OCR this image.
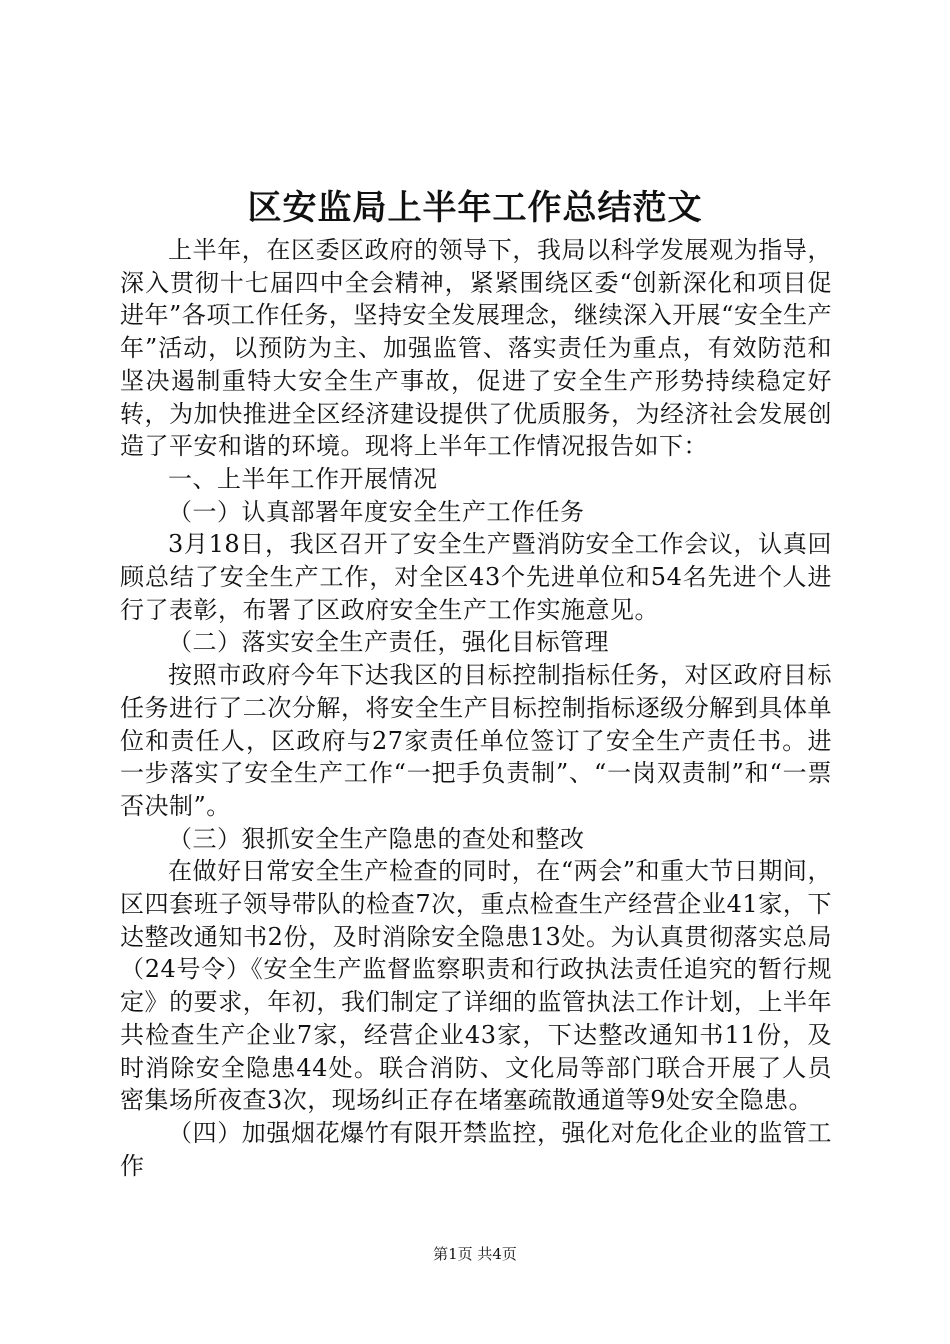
区安监局上半年工作总结范文

上半年，在区委区政府的领导下，我局以科学发展观为指导，深入贯彻十七届四中全会精神，紧紧围绕区委“创新深化和项目促进年”各项工作任务，坚持安全发展理念，继续深入开展“安全生产年”活动，以预防为主、加强监管、落实责任为重点，有效防范和坚决遏制重特大安全生产事故，促进了安全生产形势持续稳定好转，为加快推进全区经济建设提供了优质服务，为经济社会发展创造了平安和谐的环境。现将上半年工作情况报告如下：

一、上半年工作开展情况

（一）认真部署年度安全生产工作任务

3月18日，我区召开了安全生产暨消防安全工作会议，认真回顾总结了安全生产工作，对全区43个先进单位和54名先进个人进行了表彰，布署了区政府安全生产工作实施意见。

（二）落实安全生产责任，强化目标管理

按照市政府今年下达我区的目标控制指标任务，对区政府目标任务进行了二次分解，将安全生产目标控制指标逐级分解到具体单位和责任人，区政府与27家责任单位签订了安全生产责任书。进一步落实了安全生产工作“一把手负责制”、“一岗双责制”和“一票否决制”。

（三）狠抓安全生产隐患的查处和整改

在做好日常安全生产检查的同时，在“两会”和重大节日期间，区四套班子领导带队的检查7次，重点检查生产经营企业41家，下达整改通知书2份，及时消除安全隐患13处。为认真贯彻落实总局（24号令）《安全生产监督监察职责和行政执法责任追究的暂行规定》的要求，年初，我们制定了详细的监管执法工作计划，上半年共检查生产企业7家，经营企业43家，下达整改通知书11份，及时消除安全隐患44处。联合消防、文化局等部门联合开展了人员密集场所夜查3次，现场纠正存在堵塞疏散通道等9处安全隐患。

（四）加强烟花爆竹有限开禁监控，强化对危化企业的监管工作

第1页 共4页
